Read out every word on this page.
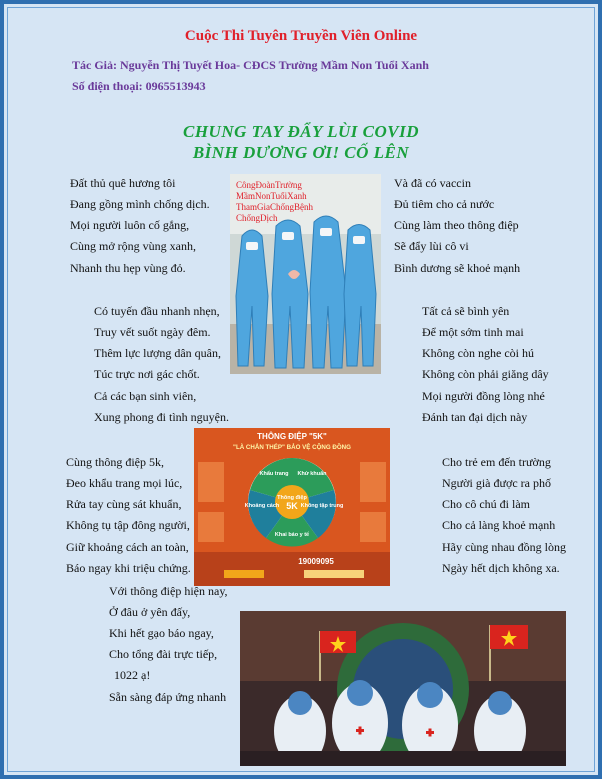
Cuộc Thi Tuyên Truyền Viên Online
Tác Giả: Nguyễn Thị Tuyết Hoa- CĐCS Trường Mầm Non Tuổi Xanh
Số điện thoại: 0965513943
CHUNG TAY ĐẨY LÙI COVID
BÌNH DƯƠNG ƠI! CỐ LÊN
Đất thủ quê hương tôi
Đang gồng mình chống dịch.
Mọi người luôn cố gắng,
Cùng mở rộng vùng xanh,
Nhanh thu hẹp vùng đỏ.
Và đã có vaccin
Đủ tiêm cho cả nước
Cùng làm theo thông điệp
Sẽ đẩy lùi cô vi
Bình dương sẽ khoẻ mạnh
CôngĐoànTrường
MầmNonTuổiXanh
ThamGiaChốngBệnh
ChốngDịch
Có tuyến đầu nhanh nhẹn,
Truy vết suốt ngày đêm.
Thêm lực lượng dân quân,
Túc trực nơi gác chốt.
Cả các bạn sinh viên,
Xung phong đi tình nguyện.
Tất cả sẽ bình yên
Để một sớm tinh mai
Không còn nghe còi hú
Không còn phải giăng dây
Mọi người đồng lòng nhé
Đánh tan đại dịch này
THÔNG ĐIỆP "5K"
"LÀ CHẮN THÉP" BẢO VỆ CỘNG ĐỒNG
Thông điệp
5K
Khẩu trang Khử khuẩn
Khoảng cách	Không tập trung
Khai báo y tế
19009095
Cùng thông điệp 5k,
Đeo khẩu trang mọi lúc,
Rửa tay cùng sát khuẩn,
Không tụ tập đông người,
Giữ khoảng cách an toàn,
Báo ngay khi triệu chứng.
Cho trẻ em đến trường
Người già được ra phố
Cho cô chú đi làm
Cho cả làng khoẻ mạnh
Hãy cùng nhau đồng lòng
Ngày hết dịch không xa.
Với thông điệp hiện nay,
Ở đâu ở yên đấy,
Khi hết gạo báo ngay,
Cho tổng đài trực tiếp,
1022 ạ!
Sẵn sàng đáp ứng nhanh
